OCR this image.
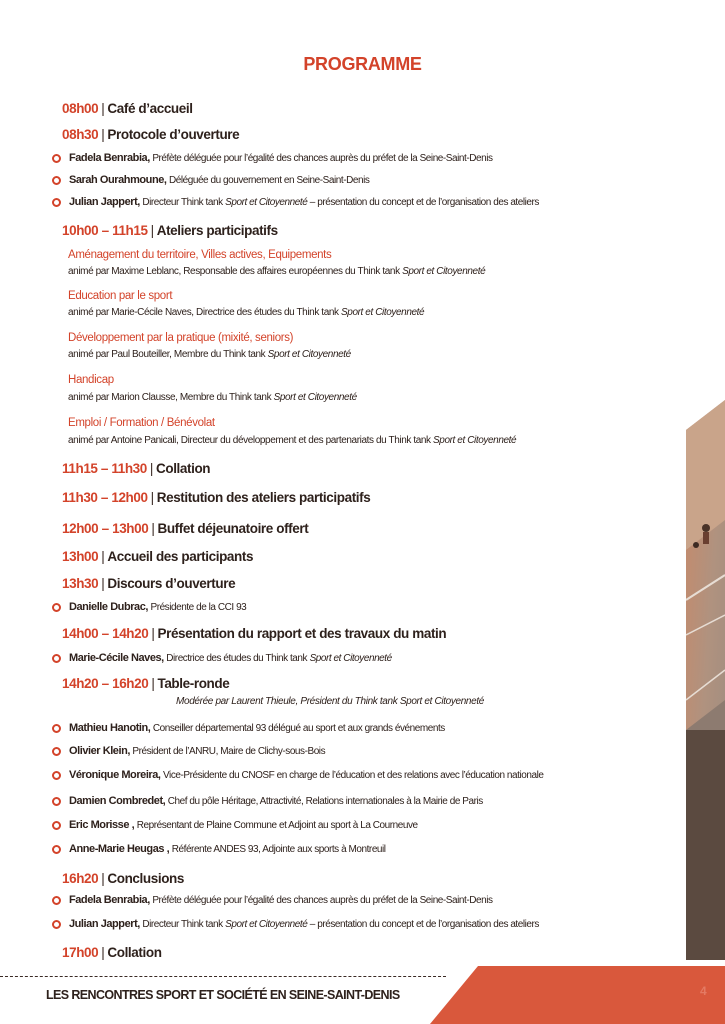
PROGRAMME
08h00 | Café d’accueil
08h30 | Protocole d’ouverture
Fadela Benrabia,
Préfète déléguée pour l’égalité des chances auprès du préfet de la Seine-Saint-Denis
Sarah Ourahmoune,
Déléguée du gouvernement en Seine-Saint-Denis
Julian Jappert,
Directeur Think tank
Sport et Citoyenneté
– présentation du concept et de l’organisation des ateliers
10h00 – 11h15 | Ateliers participatifs
Aménagement du territoire, Villes actives, Equipements
animé par Maxime Leblanc, Responsable des affaires européennes du Think tank Sport et Citoyenneté
Education par le sport
animé par Marie-Cécile Naves, Directrice des études du Think tank Sport et Citoyenneté
Développement par la pratique (mixité, seniors)
animé par Paul Bouteiller, Membre du Think tank Sport et Citoyenneté
Handicap
animé par Marion Clausse, Membre du Think tank Sport et Citoyenneté
Emploi / Formation / Bénévolat
animé par Antoine Panicali, Directeur du développement et des partenariats du Think tank Sport et Citoyenneté
11h15 – 11h30 | Collation
11h30 – 12h00 | Restitution des ateliers participatifs
12h00 – 13h00 | Buffet déjeunatoire offert
13h00 | Accueil des participants
13h30 | Discours d’ouverture
Danielle Dubrac,
Présidente de la CCI 93
14h00 – 14h20 | Présentation du rapport et des travaux du matin
Marie-Cécile Naves,
Directrice des études du Think tank
Sport et Citoyenneté
14h20 – 16h20 | Table-ronde
Modérée par Laurent Thieule, Président du Think tank Sport et Citoyenneté
Mathieu Hanotin,
Conseiller départemental 93 délégué au sport et aux grands événements
Olivier Klein,
Président de l’ANRU, Maire de Clichy-sous-Bois
Véronique Moreira,
Vice-Présidente du CNOSF en charge de l’éducation et des relations avec l’éducation nationale
Damien Combredet,
Chef du pôle Héritage, Attractivité, Relations internationales à la Mairie de Paris
Eric Morisse ,
Représentant de Plaine Commune et Adjoint au sport à La Courneuve
Anne-Marie Heugas ,
Référente ANDES 93, Adjointe aux sports à Montreuil
16h20 | Conclusions
Fadela Benrabia,
Préfète déléguée pour l’égalité des chances auprès du préfet de la Seine-Saint-Denis
Julian Jappert,
Directeur Think tank
Sport et Citoyenneté
– présentation du concept et de l’organisation des ateliers
17h00 | Collation
LES RENCONTRES SPORT ET SOCIÉTÉ EN SEINE-SAINT-DENIS	4
